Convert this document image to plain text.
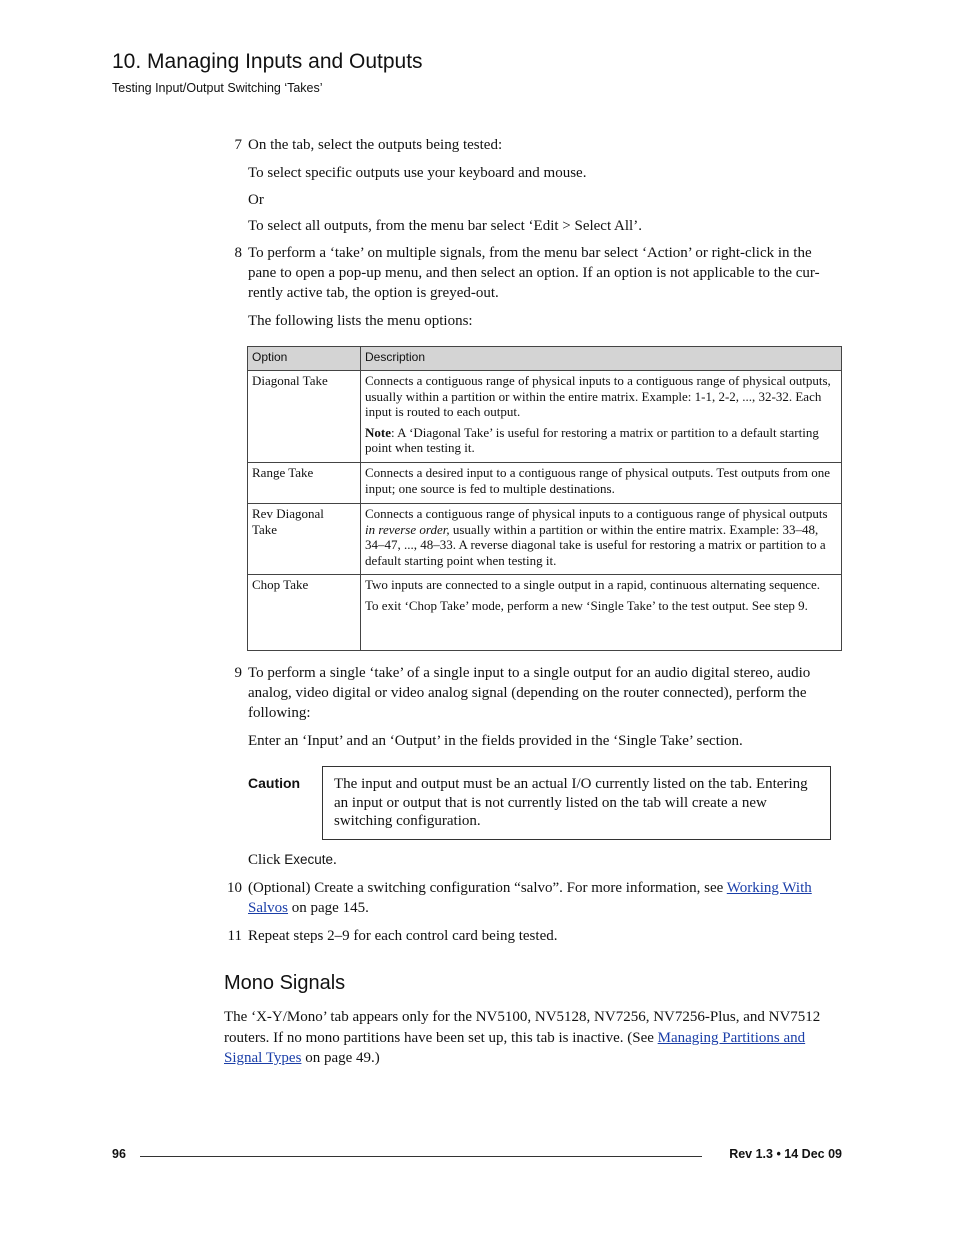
10. Managing Inputs and Outputs
Testing Input/Output Switching ‘Takes’
7 On the tab, select the outputs being tested:
To select specific outputs use your keyboard and mouse.
Or
To select all outputs, from the menu bar select ‘Edit > Select All’.
8 To perform a ‘take’ on multiple signals, from the menu bar select ‘Action’ or right-click in the
pane to open a pop-up menu, and then select an option. If an option is not applicable to the cur-
rently active tab, the option is greyed-out.
The following lists the menu options:
Option	Description
Diagonal Take	Connects a contiguous range of physical inputs to a contiguous range of physical outputs, usually within a partition or within the entire matrix. Example: 1-1, 2-2, ..., 32-32. Each input is routed to each output.

Note: A ‘Diagonal Take’ is useful for restoring a matrix or partition to a default starting point when testing it.

Range Take	Connects a desired input to a contiguous range of physical outputs. Test outputs from one input; one source is fed to multiple destinations.

Rev Diagonal
Take	Connects a contiguous range of physical inputs to a contiguous range of physical outputs in reverse order, usually within a partition or within the entire matrix. Example: 33–48, 34–47, ..., 48–33. A reverse diagonal take is useful for restoring a matrix or partition to a default starting point when testing it.

Chop Take	Two inputs are connected to a single output in a rapid, continuous alternating sequence.

To exit ‘Chop Take’ mode, perform a new ‘Single Take’ to the test output. See step 9.

9 To perform a single ‘take’ of a single input to a single output for an audio digital stereo, audio
analog, video digital or video analog signal (depending on the router connected), perform the
following:
Enter an ‘Input’ and an ‘Output’ in the fields provided in the ‘Single Take’ section.
Caution	The input and output must be an actual I/O currently listed on the tab. Entering an input or output that is not currently listed on the tab will create a new switching configuration.
Click Execute.
10 (Optional) Create a switching configuration “salvo”. For more information, see Working With
Salvos on page 145.
11 Repeat steps 2–9 for each control card being tested.
Mono Signals
The ‘X-Y/Mono’ tab appears only for the NV5100, NV5128, NV7256, NV7256-Plus, and NV7512
routers. If no mono partitions have been set up, this tab is inactive. (See Managing Partitions and
Signal Types on page 49.)
96	Rev 1.3 • 14 Dec 09
